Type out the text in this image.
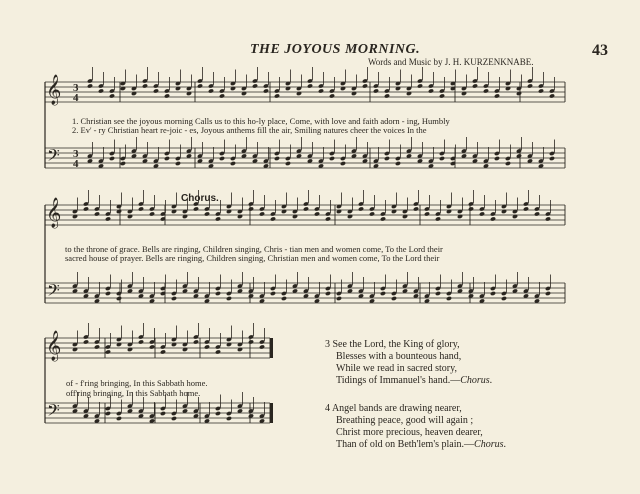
𝄞
𝄢
3
4
3
4
𝄞
𝄢
𝄞
𝄢
THE JOYOUS MORNING.	43
Words and Music by J. H. KURZENKNABE.
1. Christian see the joyous morning Calls us to this ho-ly place, Come, with love and faith adorn - ing, Humbly
2. Ev' - ry Christian heart re-joic - es, Joyous anthems fill the air, Smiling natures cheer the voices In the
Chorus.
to the throne of grace. Bells are ringing, Children singing, Chris - tian men and women come, To the Lord their
sacred house of prayer. Bells are ringing, Children singing, Christian men and women come, To the Lord their
of - f'ring bringing, In this Sabbath home.
off'ring bringing, In this Sabbath home.
3 See the Lord, the King of glory,
Blesses with a bounteous hand,
While we read in sacred story,
Tidings of Immanuel's hand.—Chorus.
4 Angel bands are drawing nearer,
Breathing peace, good will again ;
Christ more precious, heaven dearer,
Than of old on Beth'lem's plain.—Chorus.
